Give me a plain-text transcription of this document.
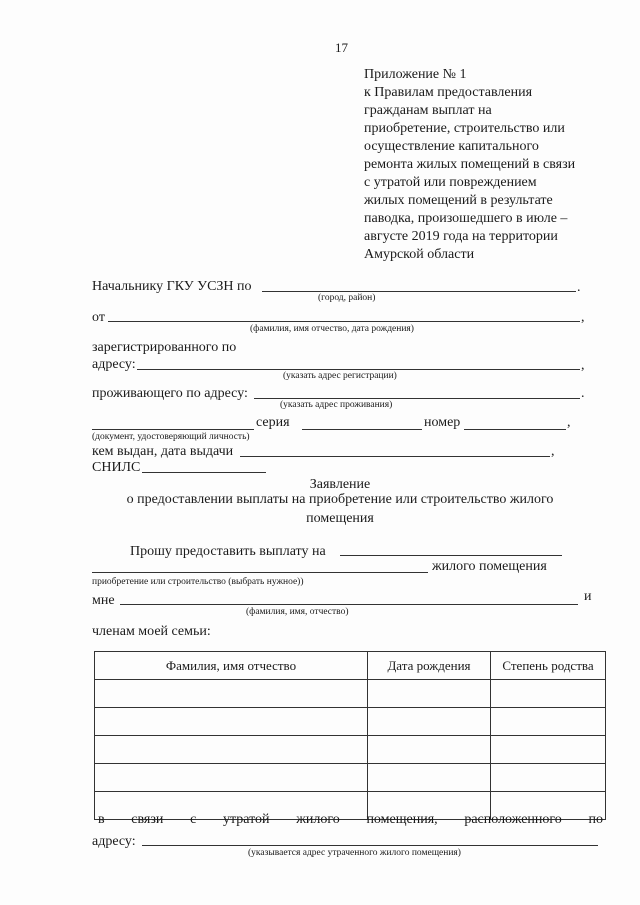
17
Приложение № 1
к Правилам предоставления
гражданам выплат на
приобретение, строительство или
осуществление капитального
ремонта жилых помещений в связи
с утратой или повреждением
жилых помещений в результате
паводка, произошедшего в июле –
августе 2019 года на территории
Амурской области
Начальнику ГКУ УСЗН по	.
(город, район)
от	,
(фамилия, имя отчество, дата рождения)
зарегистрированного по
адресу:	,
(указать адрес регистрации)
проживающего по адресу:	.
(указать адрес проживания)
серия	номер	,
(документ, удостоверяющий личность)
кем выдан, дата выдачи	,
СНИЛС
Заявление
о предоставлении выплаты на приобретение или строительство жилого
помещения
Прошу предоставить выплату на
жилого помещения
приобретение или строительство (выбрать нужное))
мне	и
(фамилия, имя, отчество)
членам моей семьи:
Фамилия, имя отчество	Дата рождения	Степень родства

в связи с утратой жилого помещения, расположенного по
адресу:
(указывается адрес утраченного жилого помещения)
